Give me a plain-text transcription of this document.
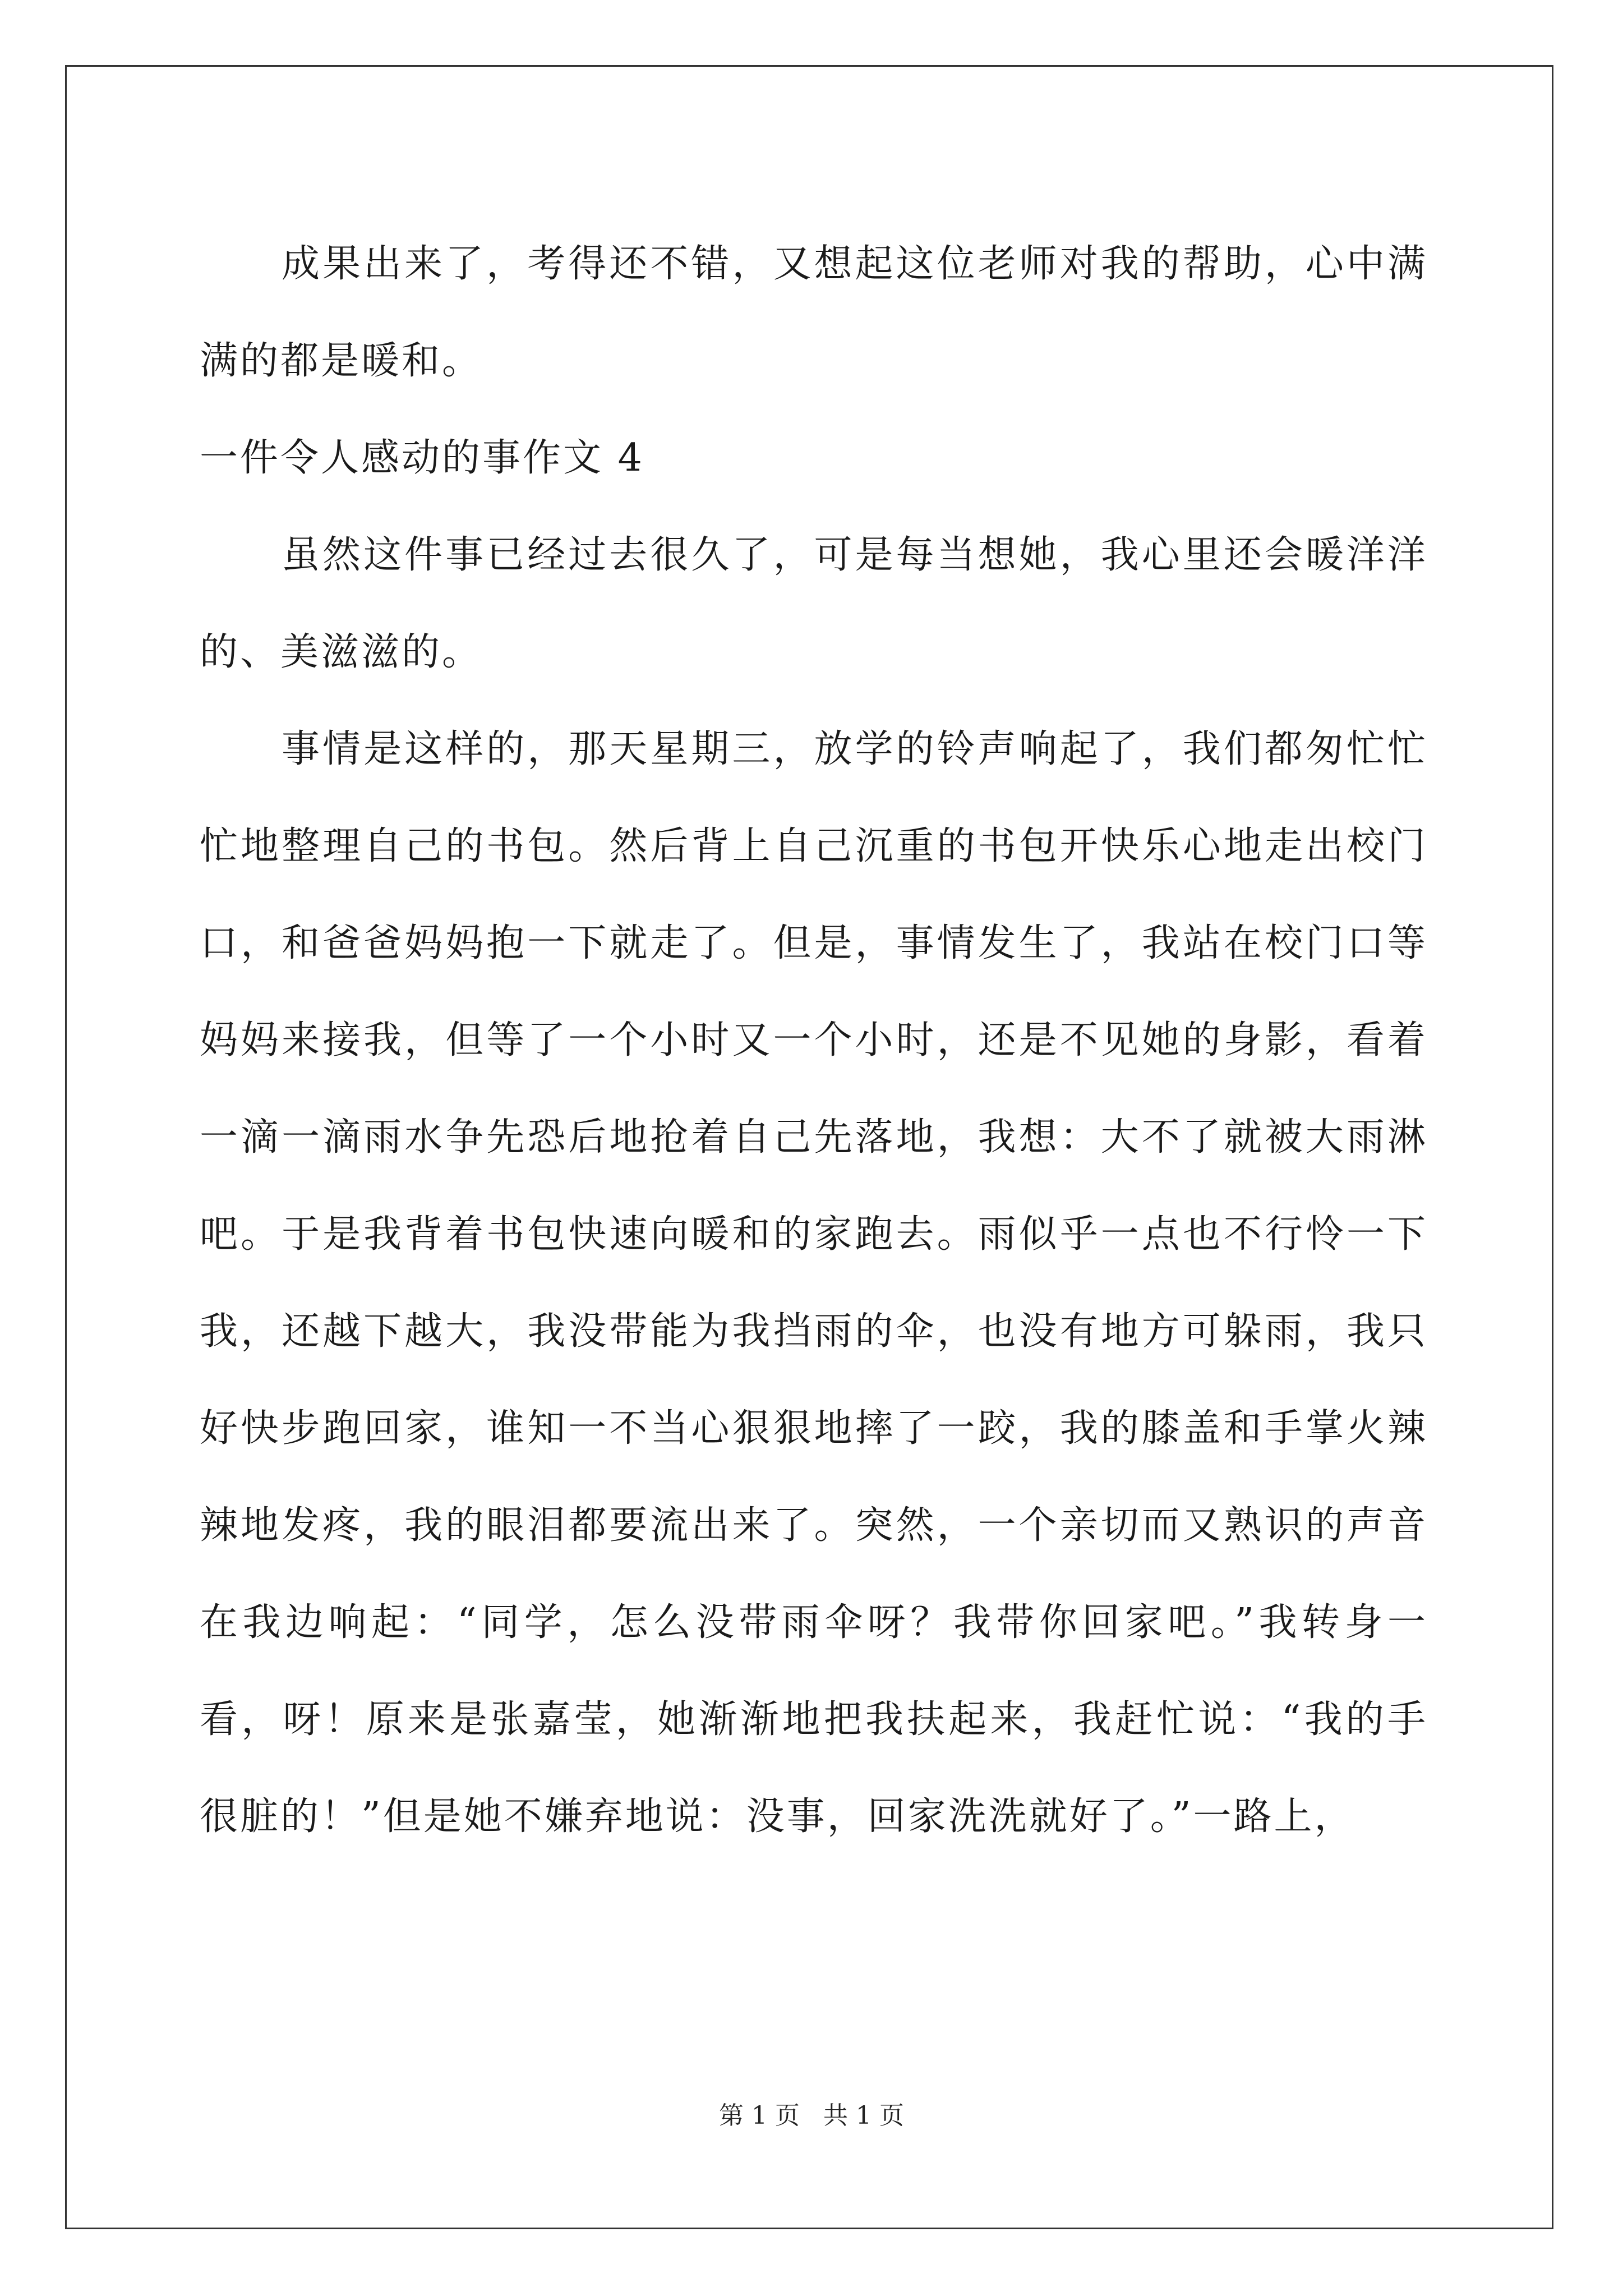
成果出来了，考得还不错，又想起这位老师对我的帮助，心中满满的都是暖和。

一件令人感动的事作文 4

虽然这件事已经过去很久了，可是每当想她，我心里还会暖洋洋的、美滋滋的。

事情是这样的，那天星期三，放学的铃声响起了，我们都匆忙忙忙地整理自己的书包。然后背上自己沉重的书包开快乐心地走出校门口，和爸爸妈妈抱一下就走了。但是，事情发生了，我站在校门口等妈妈来接我，但等了一个小时又一个小时，还是不见她的身影，看着一滴一滴雨水争先恐后地抢着自己先落地，我想：大不了就被大雨淋吧。于是我背着书包快速向暖和的家跑去。雨似乎一点也不行怜一下我，还越下越大，我没带能为我挡雨的伞，也没有地方可躲雨，我只好快步跑回家，谁知一不当心狠狠地摔了一跤，我的膝盖和手掌火辣辣地发疼，我的眼泪都要流出来了。突然，一个亲切而又熟识的声音在我边响起：“同学，怎么没带雨伞呀？我带你回家吧。”我转身一看，呀！原来是张嘉莹，她渐渐地把我扶起来，我赶忙说：“我的手很脏的！”但是她不嫌弃地说：没事，回家洗洗就好了。”一路上，

第 1 页 共 1 页
